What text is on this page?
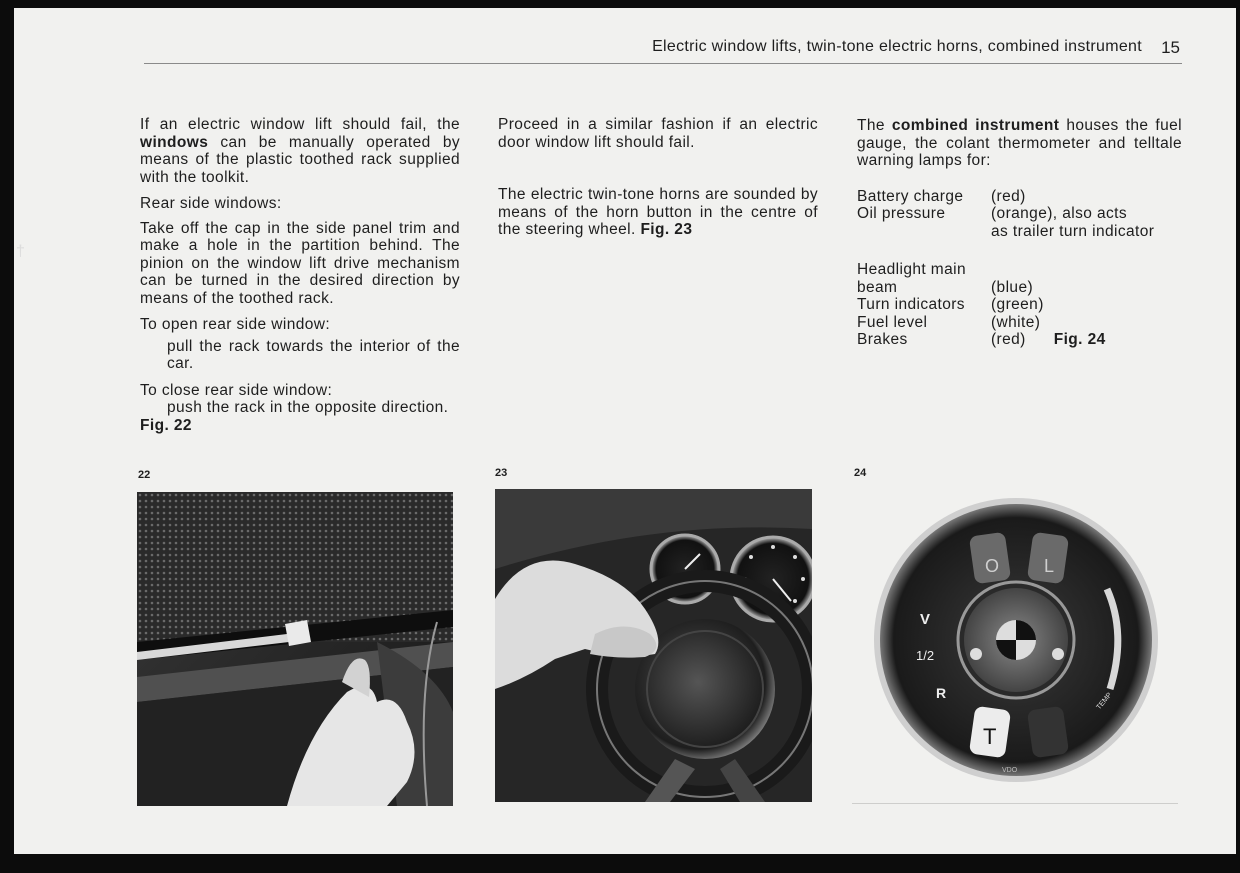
Electric window lifts, twin-tone electric horns, combined instrument 15

If an electric window lift should fail, the windows can be manually operated by means of the plastic toothed rack supplied with the toolkit.

Rear side windows:

Take off the cap in the side panel trim and make a hole in the partition behind. The pinion on the window lift drive mechanism can be turned in the desired direction by means of the toothed rack.

To open rear side window:

pull the rack towards the interior of the car.

To close rear side window:

push the rack in the opposite direction.

Fig. 22

Proceed in a similar fashion if an electric door window lift should fail.

The electric twin-tone horns are sounded by means of the horn button in the centre of the steering wheel. Fig. 23

The combined instrument houses the fuel gauge, the colant thermometer and telltale warning lamps for:

Battery charge	(red)
Oil pressure	(orange), also acts
	as trailer turn indicator
Headlight main	
beam	(blue)
Turn indicators	(green)
Fuel level	(white)
Brakes	(red) Fig. 24
22	23	24
O L
T
VDO
V
1/2
R	TEMP
†
